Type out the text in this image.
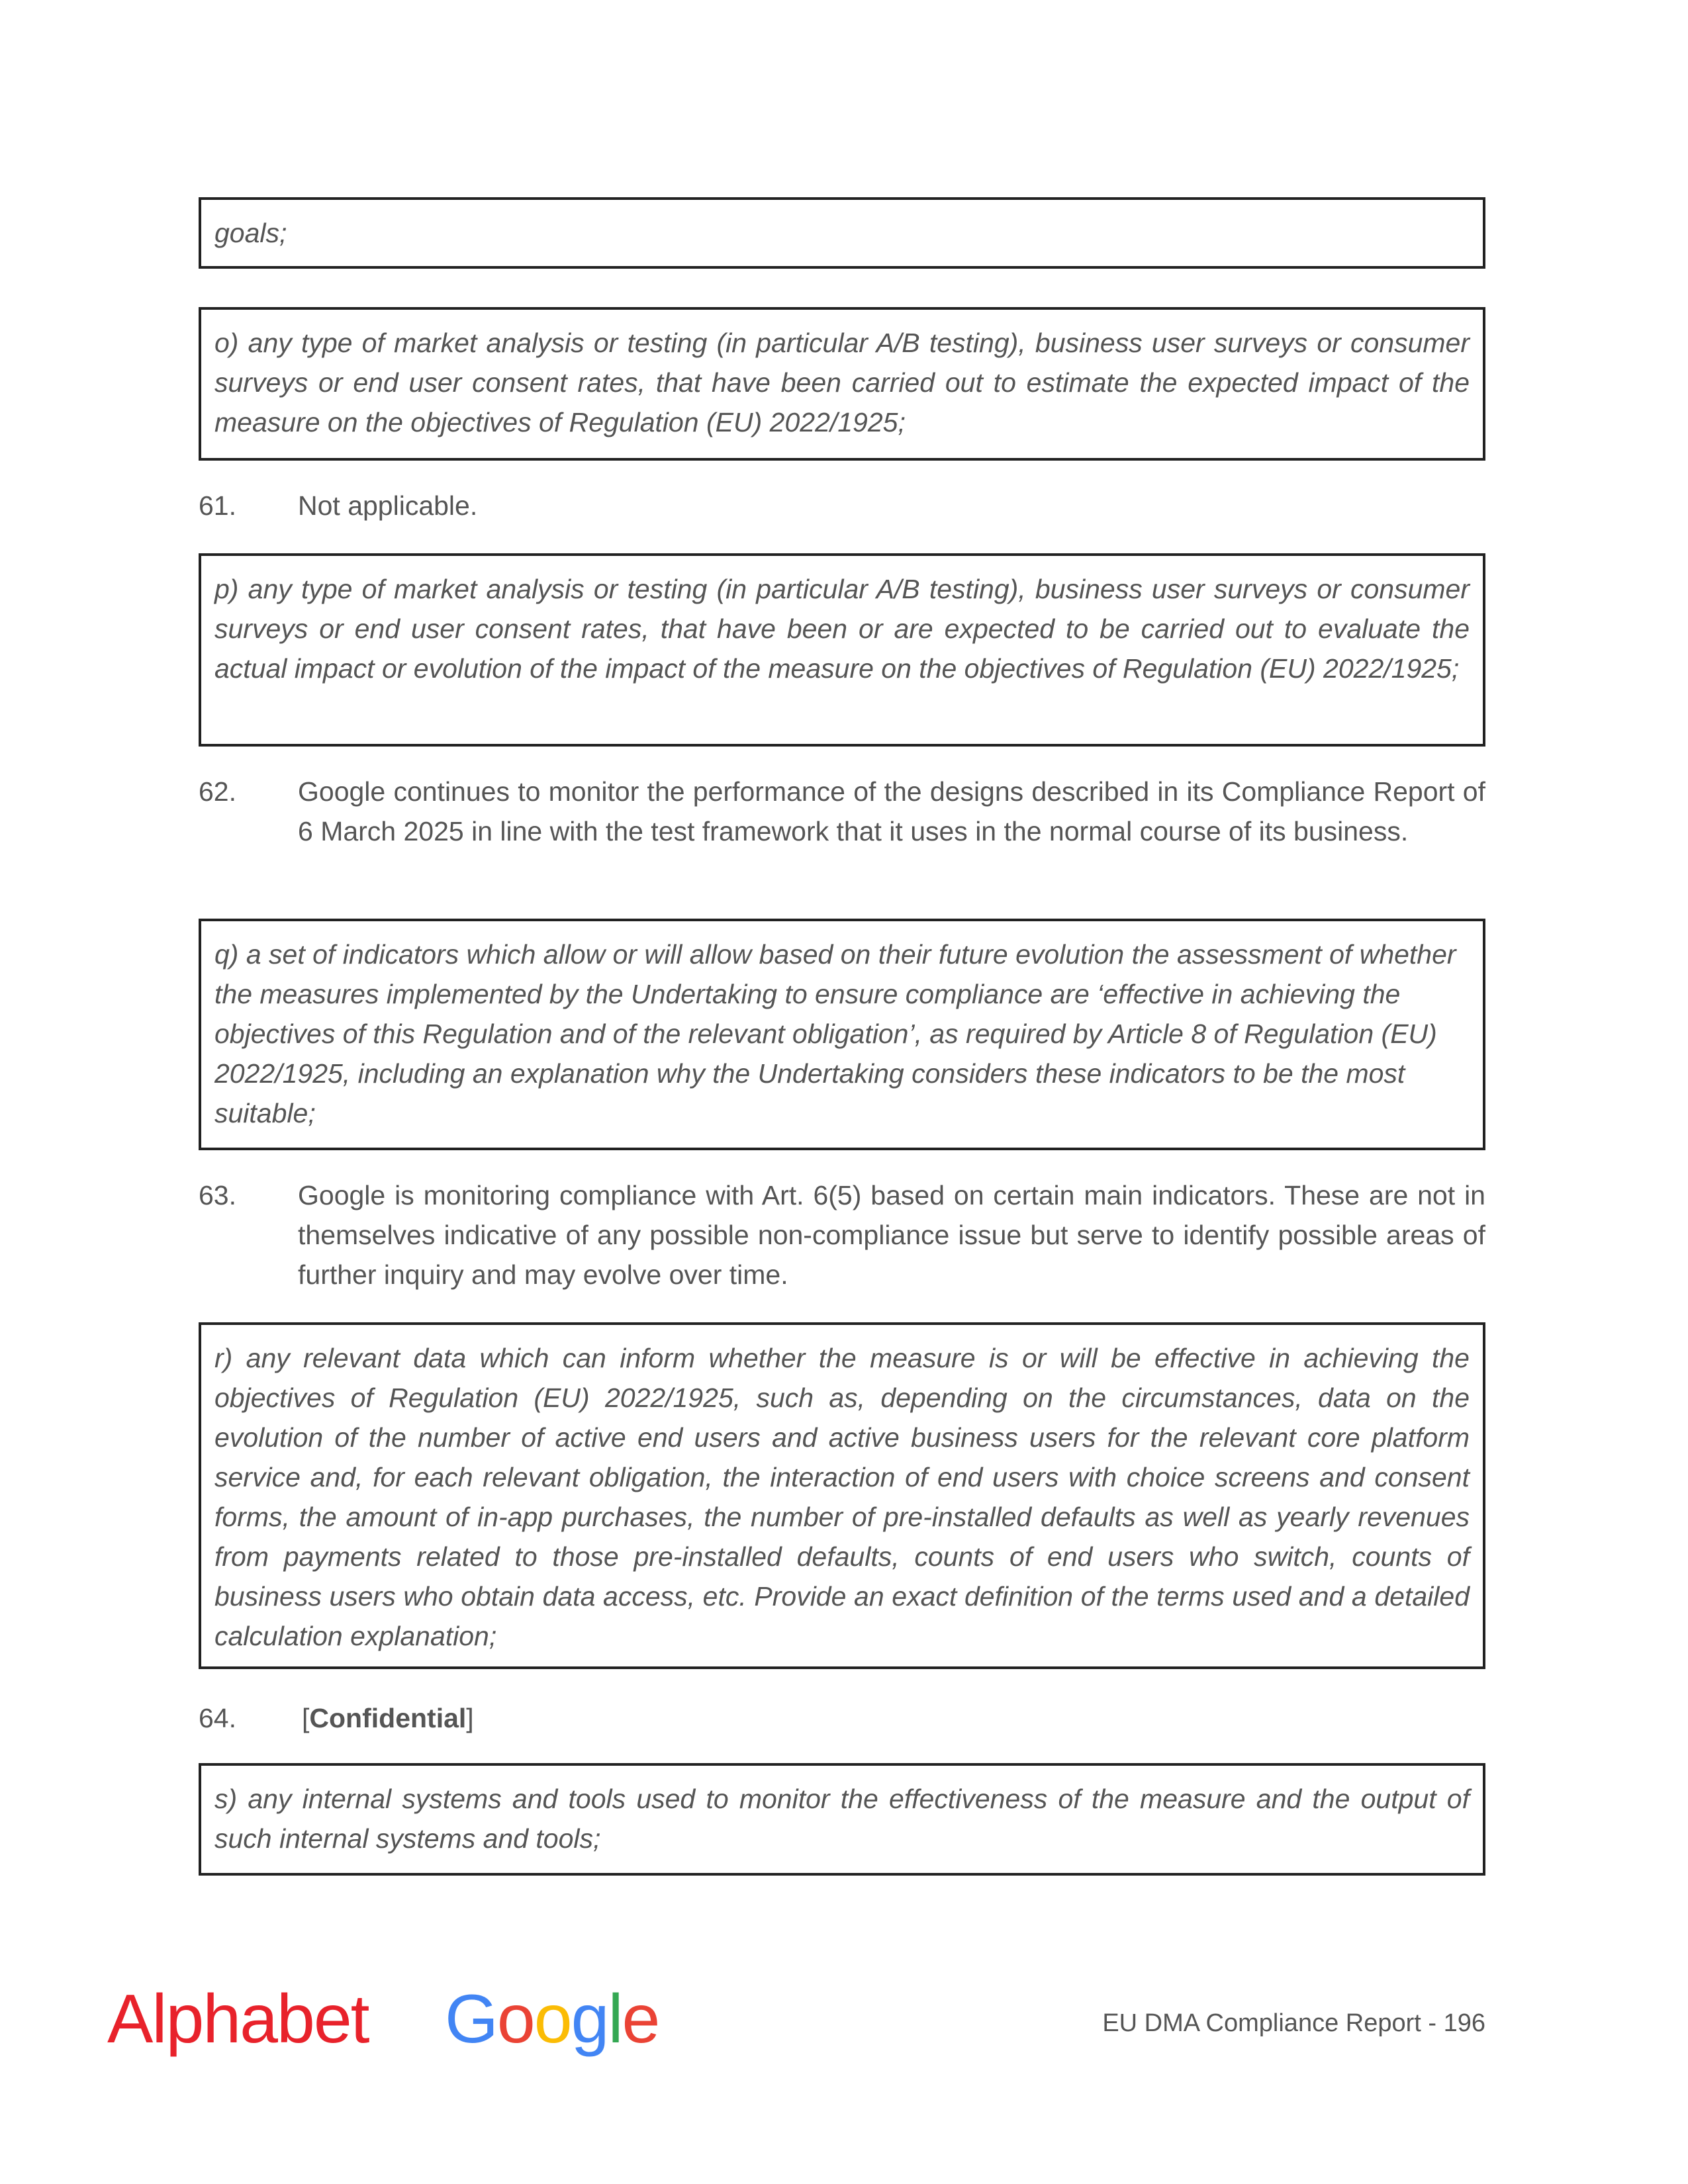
goals;
o) any type of market analysis or testing (in particular A/B testing), business user surveys or consumer surveys or end user consent rates, that have been carried out to estimate the expected impact of the measure on the objectives of Regulation (EU) 2022/1925;
61. Not applicable.
p) any type of market analysis or testing (in particular A/B testing), business user surveys or consumer surveys or end user consent rates, that have been or are expected to be carried out to evaluate the actual impact or evolution of the impact of the measure on the objectives of Regulation (EU) 2022/1925;
62. Google continues to monitor the performance of the designs described in its Compliance Report of 6 March 2025 in line with the test framework that it uses in the normal course of its business.
q) a set of indicators which allow or will allow based on their future evolution the assessment of whether the measures implemented by the Undertaking to ensure compliance are ‘effective in achieving the objectives of this Regulation and of the relevant obligation’, as required by Article 8 of Regulation (EU) 2022/1925, including an explanation why the Undertaking considers these indicators to be the most suitable;
63. Google is monitoring compliance with Art. 6(5) based on certain main indicators. These are not in themselves indicative of any possible non-compliance issue but serve to identify possible areas of further inquiry and may evolve over time.
r) any relevant data which can inform whether the measure is or will be effective in achieving the objectives of Regulation (EU) 2022/1925, such as, depending on the circumstances, data on the evolution of the number of active end users and active business users for the relevant core platform service and, for each relevant obligation, the interaction of end users with choice screens and consent forms, the amount of in-app purchases, the number of pre-installed defaults as well as yearly revenues from payments related to those pre-installed defaults, counts of end users who switch, counts of business users who obtain data access, etc. Provide an exact definition of the terms used and a detailed calculation explanation;
64. [Confidential]
s) any internal systems and tools used to monitor the effectiveness of the measure and the output of such internal systems and tools;
Alphabet Google	EU DMA Compliance Report - 196
